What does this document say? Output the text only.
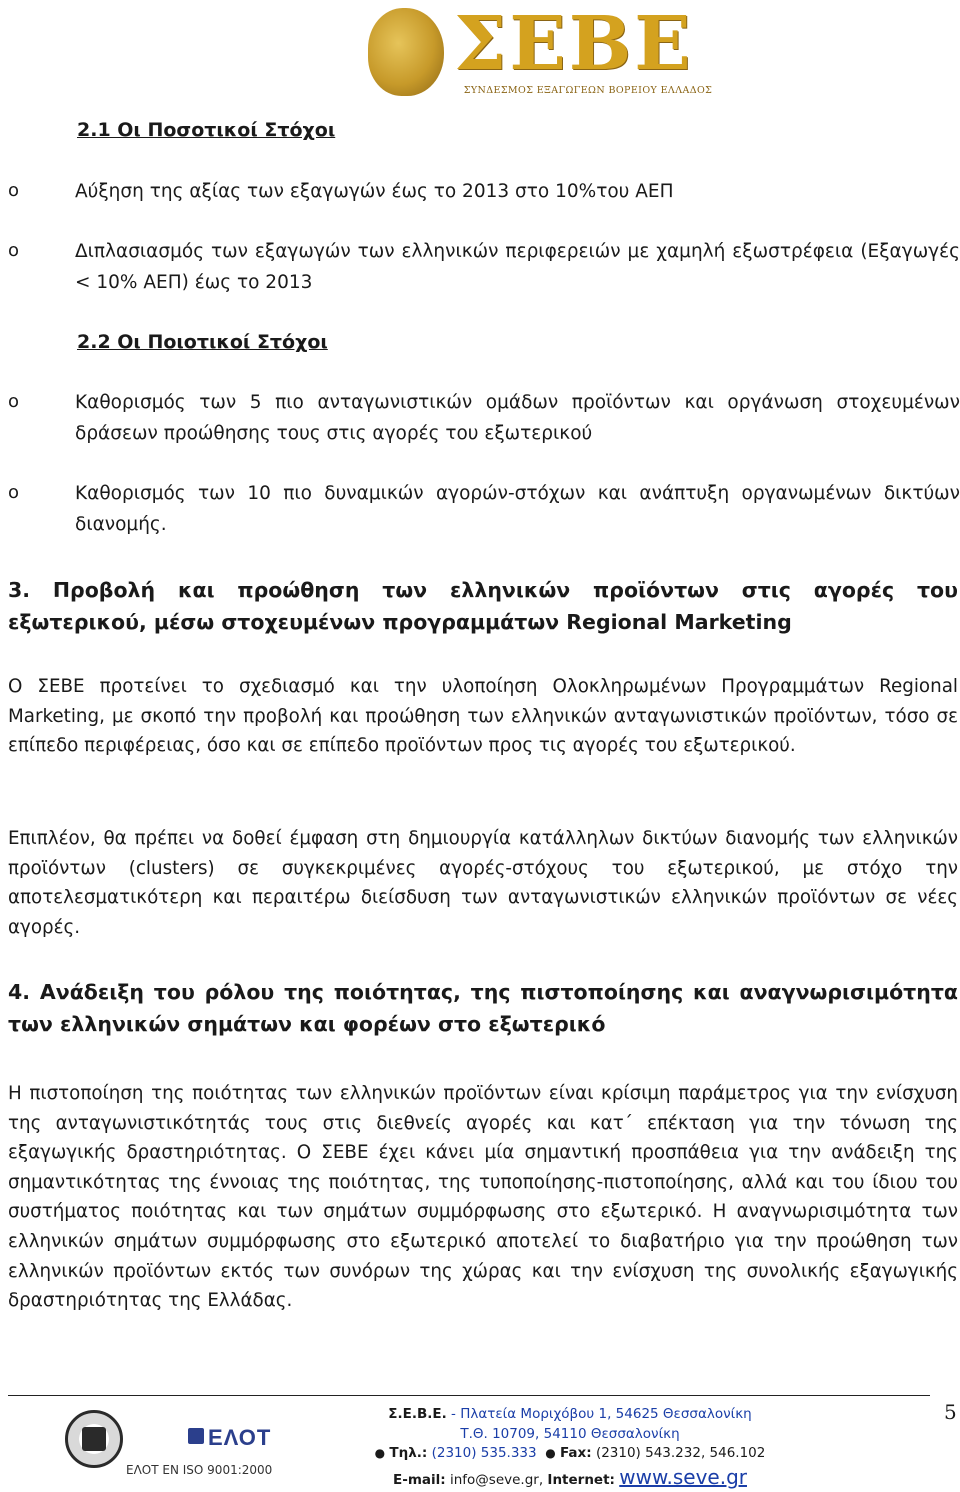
ΣΕΒΕ
ΣΥΝΔΕΣΜΟΣ ΕΞΑΓΩΓΕΩΝ ΒΟΡΕΙΟΥ ΕΛΛΑΔΟΣ
2.1 Οι Ποσοτικοί Στόχοι
o	Αύξηση της αξίας των εξαγωγών έως το 2013 στο 10%του ΑΕΠ
o	Διπλασιασμός των εξαγωγών των ελληνικών περιφερειών με χαμηλή εξωστρέφεια (Εξαγωγές < 10% ΑΕΠ) έως το 2013
2.2 Οι Ποιοτικοί Στόχοι
o	Καθορισμός των 5 πιο ανταγωνιστικών ομάδων προϊόντων και οργάνωση στοχευμένων δράσεων προώθησης τους στις αγορές του εξωτερικού
o	Καθορισμός των 10 πιο δυναμικών αγορών-στόχων και ανάπτυξη οργανωμένων δικτύων διανομής.
3. Προβολή και προώθηση των ελληνικών προϊόντων στις αγορές του εξωτερικού, μέσω στοχευμένων προγραμμάτων Regional Marketing
Ο ΣΕΒΕ προτείνει το σχεδιασμό και την υλοποίηση Ολοκληρωμένων Προγραμμάτων Regional Marketing, με σκοπό την προβολή και προώθηση των ελληνικών ανταγωνιστικών προϊόντων, τόσο σε επίπεδο περιφέρειας, όσο και σε επίπεδο προϊόντων προς τις αγορές του εξωτερικού.
Επιπλέον, θα πρέπει να δοθεί έμφαση στη δημιουργία κατάλληλων δικτύων διανομής των ελληνικών προϊόντων (clusters) σε συγκεκριμένες αγορές-στόχους του εξωτερικού, με στόχο την αποτελεσματικότερη και περαιτέρω διείσδυση των ανταγωνιστικών ελληνικών προϊόντων σε νέες αγορές.
4. Ανάδειξη του ρόλου της ποιότητας, της πιστοποίησης και αναγνωρισιμότητα των ελληνικών σημάτων και φορέων στο εξωτερικό
Η πιστοποίηση της ποιότητας των ελληνικών προϊόντων είναι κρίσιμη παράμετρος για την ενίσχυση της ανταγωνιστικότητάς τους στις διεθνείς αγορές και κατ΄ επέκταση για την τόνωση της εξαγωγικής δραστηριότητας. Ο ΣΕΒΕ έχει κάνει μία σημαντική προσπάθεια για την ανάδειξη της σημαντικότητας της έννοιας της ποιότητας, της τυποποίησης-πιστοποίησης, αλλά και του ίδιου του συστήματος ποιότητας και των σημάτων συμμόρφωσης στο εξωτερικό. Η αναγνωρισιμότητα των ελληνικών σημάτων συμμόρφωσης στο εξωτερικό αποτελεί το διαβατήριο για την προώθηση των ελληνικών προϊόντων εκτός των συνόρων της χώρας και την ενίσχυση της συνολικής εξαγωγικής δραστηριότητας της Ελλάδας.
5
ΕΛΟΤ
ΕΛΟΤ EN ISO 9001:2000
Σ.Ε.Β.Ε. - Πλατεία Μοριχόβου 1, 54625 Θεσσαλονίκη
Τ.Θ. 10709, 54110 Θεσσαλονίκη
● Τηλ.: (2310) 535.333 ● Fax: (2310) 543.232, 546.102
E-mail: info@seve.gr, Internet: www.seve.gr
